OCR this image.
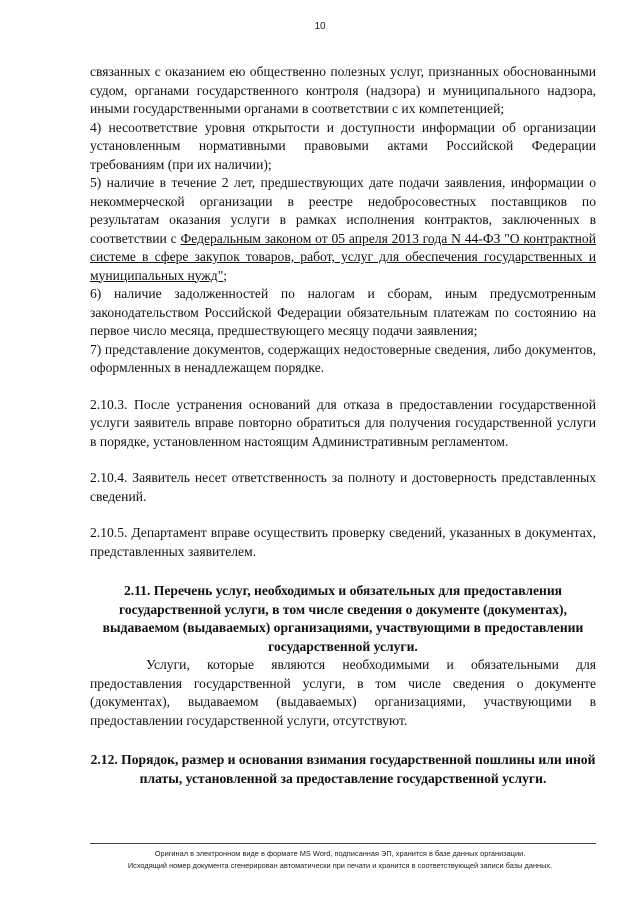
10

связанных с оказанием ею общественно полезных услуг, признанных обоснованными судом, органами государственного контроля (надзора) и муниципального надзора, иными государственными органами в соответствии с их компетенцией;

4) несоответствие уровня открытости и доступности информации об организации установленным нормативными правовыми актами Российской Федерации требованиям (при их наличии);

5) наличие в течение 2 лет, предшествующих дате подачи заявления, информации о некоммерческой организации в реестре недобросовестных поставщиков по результатам оказания услуги в рамках исполнения контрактов, заключенных в соответствии с Федеральным законом от 05 апреля 2013 года N 44-ФЗ "О контрактной системе в сфере закупок товаров, работ, услуг для обеспечения государственных и муниципальных нужд";

6) наличие задолженностей по налогам и сборам, иным предусмотренным законодательством Российской Федерации обязательным платежам по состоянию на первое число месяца, предшествующего месяцу подачи заявления;

7) представление документов, содержащих недостоверные сведения, либо документов, оформленных в ненадлежащем порядке.

2.10.3. После устранения оснований для отказа в предоставлении государственной услуги заявитель вправе повторно обратиться для получения государственной услуги в порядке, установленном настоящим Административным регламентом.

2.10.4. Заявитель несет ответственность за полноту и достоверность представленных сведений.

2.10.5. Департамент вправе осуществить проверку сведений, указанных в документах, представленных заявителем.

2.11. Перечень услуг, необходимых и обязательных для предоставления государственной услуги, в том числе сведения о документе (документах), выдаваемом (выдаваемых) организациями, участвующими в предоставлении государственной услуги.

Услуги, которые являются необходимыми и обязательными для предоставления государственной услуги, в том числе сведения о документе (документах), выдаваемом (выдаваемых) организациями, участвующими в предоставлении государственной услуги, отсутствуют.

2.12. Порядок, размер и основания взимания государственной пошлины или иной платы, установленной за предоставление государственной услуги.

Оригинал в электронном виде в формате MS Word, подписанная ЭП, хранится в базе данных организации.
Исходящий номер документа сгенерирован автоматически при печати и хранится в соответствующей записи базы данных.
